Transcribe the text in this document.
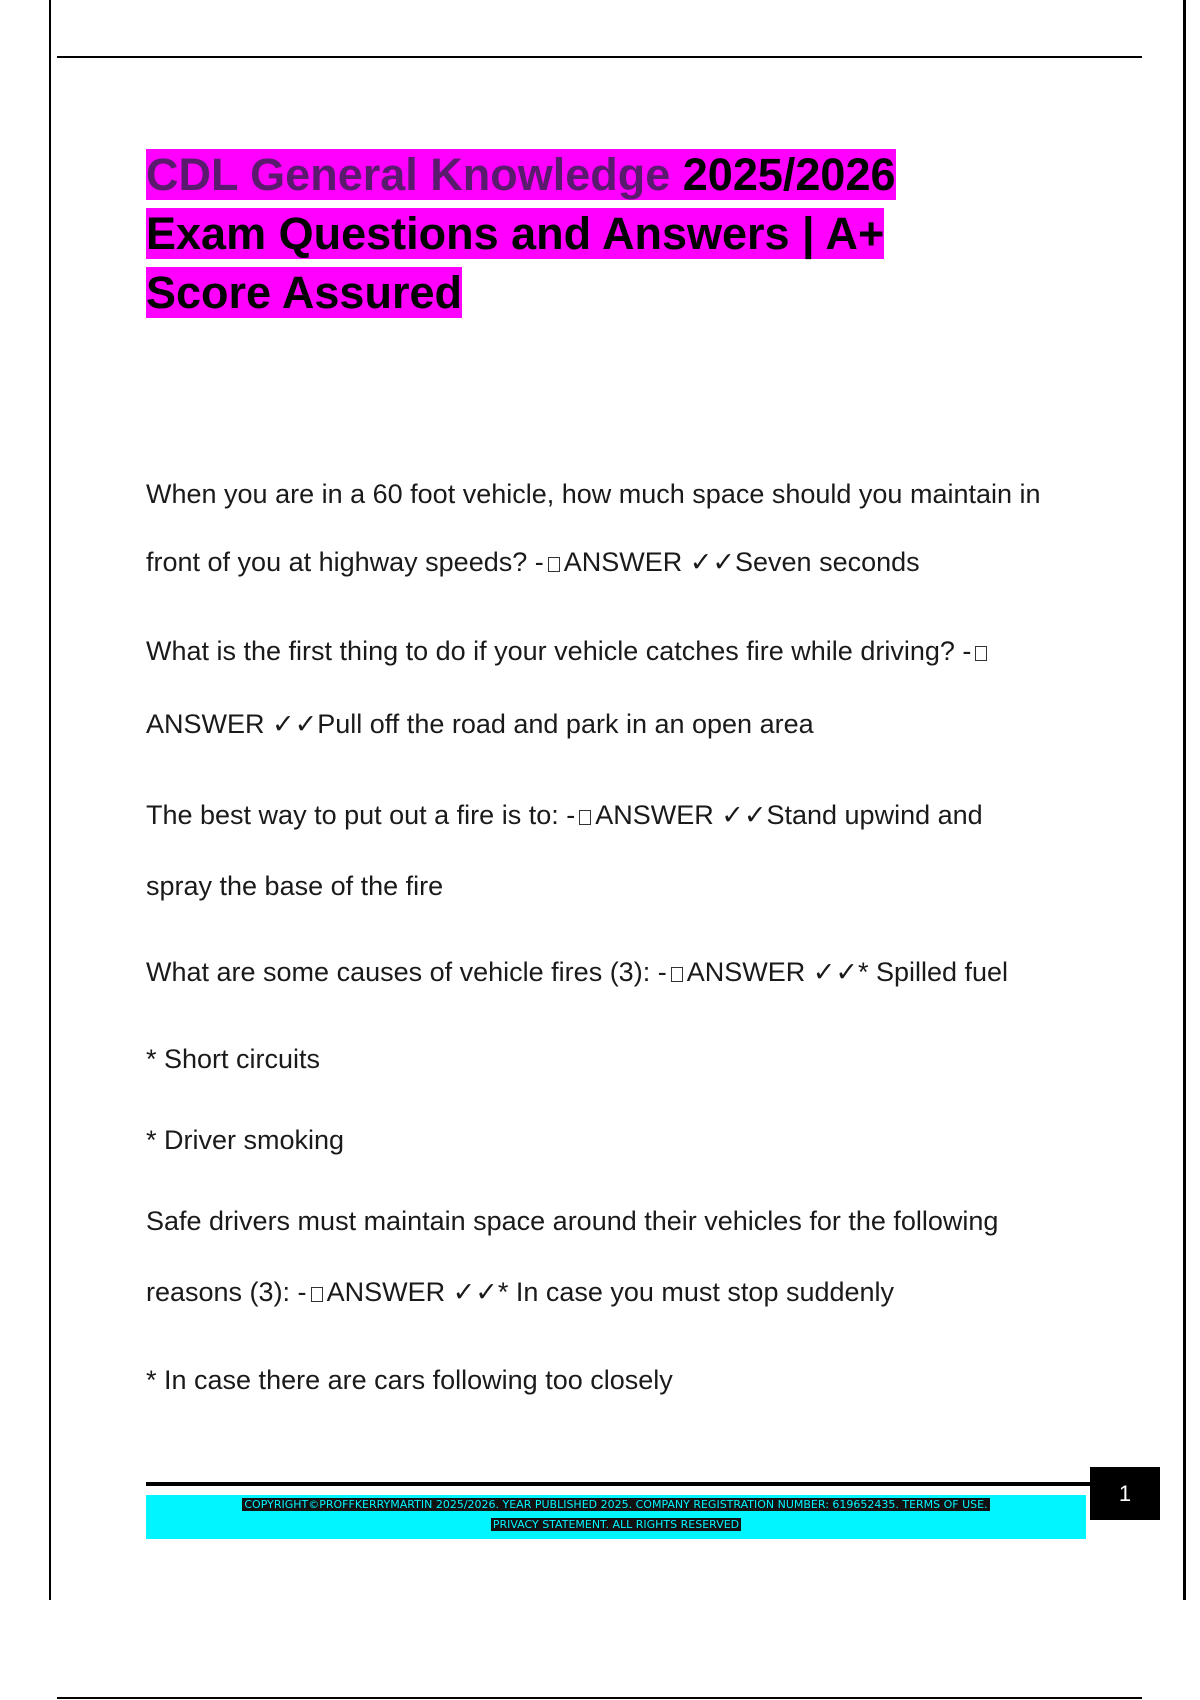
CDL General Knowledge 2025/2026
Exam Questions and Answers | A+
Score Assured

When you are in a 60 foot vehicle, how much space should you maintain in

front of you at highway speeds? - ANSWER ✓✓Seven seconds

What is the first thing to do if your vehicle catches fire while driving? -

ANSWER ✓✓Pull off the road and park in an open area

The best way to put out a fire is to: - ANSWER ✓✓Stand upwind and

spray the base of the fire

What are some causes of vehicle fires (3): - ANSWER ✓✓* Spilled fuel

* Short circuits

* Driver smoking

Safe drivers must maintain space around their vehicles for the following

reasons (3): - ANSWER ✓✓* In case you must stop suddenly

* In case there are cars following too closely

COPYRIGHT©PROFFKERRYMARTIN 2025/2026. YEAR PUBLISHED 2025. COMPANY REGISTRATION NUMBER: 619652435. TERMS OF USE.
PRIVACY STATEMENT. ALL RIGHTS RESERVED
1
